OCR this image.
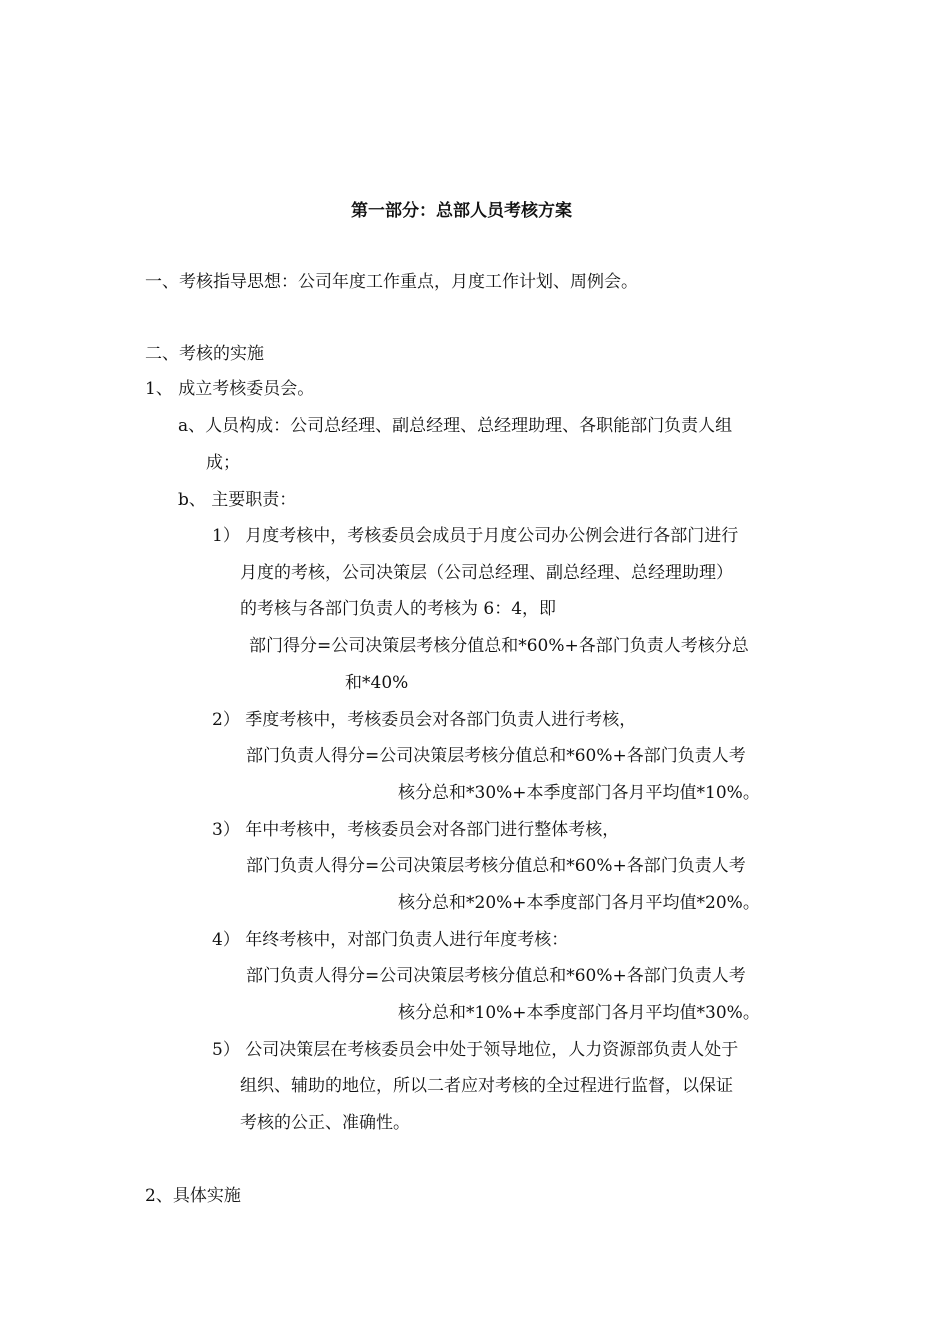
第一部分：总部人员考核方案
一、考核指导思想：公司年度工作重点，月度工作计划、周例会。
二、考核的实施
1、 成立考核委员会。
a、人员构成：公司总经理、副总经理、总经理助理、各职能部门负责人组
成；
b、 主要职责：
1） 月度考核中，考核委员会成员于月度公司办公例会进行各部门进行
月度的考核，公司决策层（公司总经理、副总经理、总经理助理）
的考核与各部门负责人的考核为 6：4，即
部门得分=公司决策层考核分值总和*60%+各部门负责人考核分总
和*40%
2） 季度考核中，考核委员会对各部门负责人进行考核，
部门负责人得分=公司决策层考核分值总和*60%+各部门负责人考
核分总和*30%+本季度部门各月平均值*10%。
3） 年中考核中，考核委员会对各部门进行整体考核，
部门负责人得分=公司决策层考核分值总和*60%+各部门负责人考
核分总和*20%+本季度部门各月平均值*20%。
4） 年终考核中，对部门负责人进行年度考核：
部门负责人得分=公司决策层考核分值总和*60%+各部门负责人考
核分总和*10%+本季度部门各月平均值*30%。
5） 公司决策层在考核委员会中处于领导地位，人力资源部负责人处于
组织、辅助的地位，所以二者应对考核的全过程进行监督，以保证
考核的公正、准确性。
2、具体实施
